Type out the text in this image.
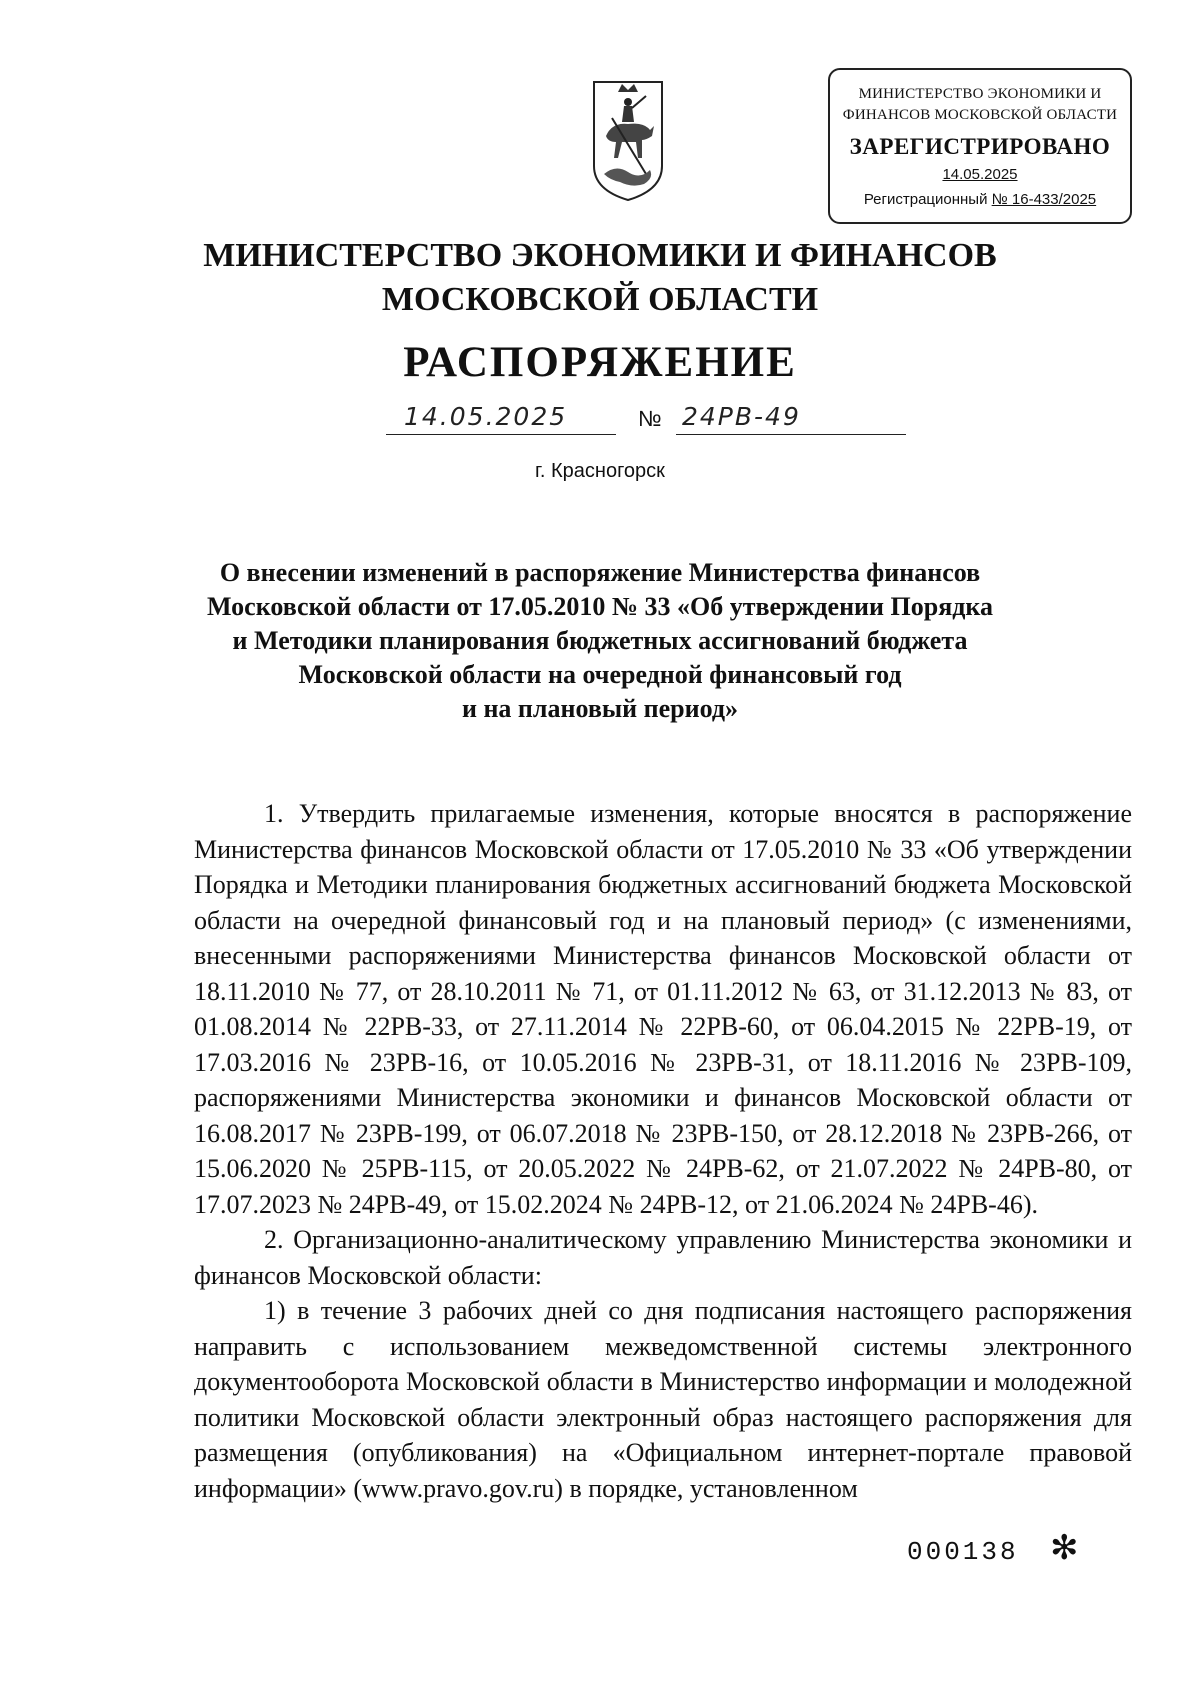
МИНИСТЕРСТВО ЭКОНОМИКИ И
ФИНАНСОВ МОСКОВСКОЙ ОБЛАСТИ
ЗАРЕГИСТРИРОВАНО
14.05.2025
Регистрационный № 16-433/2025
МИНИСТЕРСТВО ЭКОНОМИКИ И ФИНАНСОВ
МОСКОВСКОЙ ОБЛАСТИ
РАСПОРЯЖЕНИЕ
14.05.2025	№ 24РВ-49
г. Красногорск
О внесении изменений в распоряжение Министерства финансов
Московской области от 17.05.2010 № 33 «Об утверждении Порядка
и Методики планирования бюджетных ассигнований бюджета
Московской области на очередной финансовый год
и на плановый период»

1. Утвердить прилагаемые изменения, которые вносятся в распоряжение Министерства финансов Московской области от 17.05.2010 № 33 «Об утверждении Порядка и Методики планирования бюджетных ассигнований бюджета Московской области на очередной финансовый год и на плановый период» (с изменениями, внесенными распоряжениями Министерства финансов Московской области от 18.11.2010 № 77, от 28.10.2011 № 71, от 01.11.2012 № 63, от 31.12.2013 № 83, от 01.08.2014 № 22РВ-33, от 27.11.2014 № 22РВ-60, от 06.04.2015 № 22РВ-19, от 17.03.2016 № 23РВ-16, от 10.05.2016 № 23РВ-31, от 18.11.2016 № 23РВ-109, распоряжениями Министерства экономики и финансов Московской области от 16.08.2017 № 23РВ-199, от 06.07.2018 № 23РВ-150, от 28.12.2018 № 23РВ-266, от 15.06.2020 № 25РВ-115, от 20.05.2022 № 24РВ-62, от 21.07.2022 № 24РВ-80, от 17.07.2023 № 24РВ-49, от 15.02.2024 № 24РВ-12, от 21.06.2024 № 24РВ-46).

2. Организационно-аналитическому управлению Министерства экономики и финансов Московской области:

1) в течение 3 рабочих дней со дня подписания настоящего распоряжения направить с использованием межведомственной системы электронного документооборота Московской области в Министерство информации и молодежной политики Московской области электронный образ настоящего распоряжения для размещения (опубликования) на «Официальном интернет-портале правовой информации» (www.pravo.gov.ru) в порядке, установленном

000138 ✻
